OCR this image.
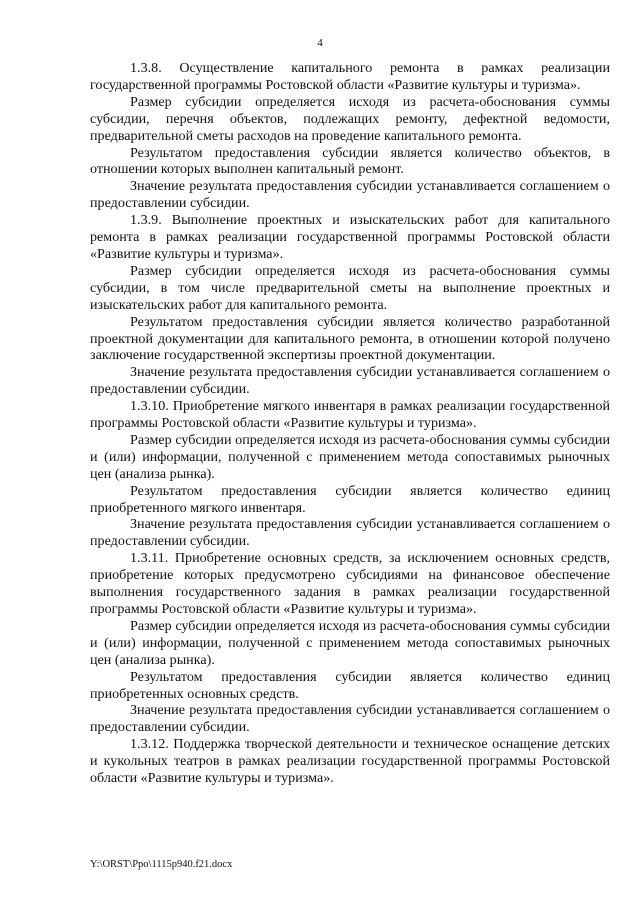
4

1.3.8. Осуществление капитального ремонта в рамках реализации государственной программы Ростовской области «Развитие культуры и туризма».

Размер субсидии определяется исходя из расчета-обоснования суммы субсидии, перечня объектов, подлежащих ремонту, дефектной ведомости, предварительной сметы расходов на проведение капитального ремонта.

Результатом предоставления субсидии является количество объектов, в отношении которых выполнен капитальный ремонт.

Значение результата предоставления субсидии устанавливается соглашением о предоставлении субсидии.

1.3.9. Выполнение проектных и изыскательских работ для капитального ремонта в рамках реализации государственной программы Ростовской области «Развитие культуры и туризма».

Размер субсидии определяется исходя из расчета-обоснования суммы субсидии, в том числе предварительной сметы на выполнение проектных и изыскательских работ для капитального ремонта.

Результатом предоставления субсидии является количество разработанной проектной документации для капитального ремонта, в отношении которой получено заключение государственной экспертизы проектной документации.

Значение результата предоставления субсидии устанавливается соглашением о предоставлении субсидии.

1.3.10. Приобретение мягкого инвентаря в рамках реализации государственной программы Ростовской области «Развитие культуры и туризма».

Размер субсидии определяется исходя из расчета-обоснования суммы субсидии и (или) информации, полученной с применением метода сопоставимых рыночных цен (анализа рынка).

Результатом предоставления субсидии является количество единиц приобретенного мягкого инвентаря.

Значение результата предоставления субсидии устанавливается соглашением о предоставлении субсидии.

1.3.11. Приобретение основных средств, за исключением основных средств, приобретение которых предусмотрено субсидиями на финансовое обеспечение выполнения государственного задания в рамках реализации государственной программы Ростовской области «Развитие культуры и туризма».

Размер субсидии определяется исходя из расчета-обоснования суммы субсидии и (или) информации, полученной с применением метода сопоставимых рыночных цен (анализа рынка).

Результатом предоставления субсидии является количество единиц приобретенных основных средств.

Значение результата предоставления субсидии устанавливается соглашением о предоставлении субсидии.

1.3.12. Поддержка творческой деятельности и техническое оснащение детских и кукольных театров в рамках реализации государственной программы Ростовской области «Развитие культуры и туризма».

Y:\ORST\Ppo\1115p940.f21.docx
